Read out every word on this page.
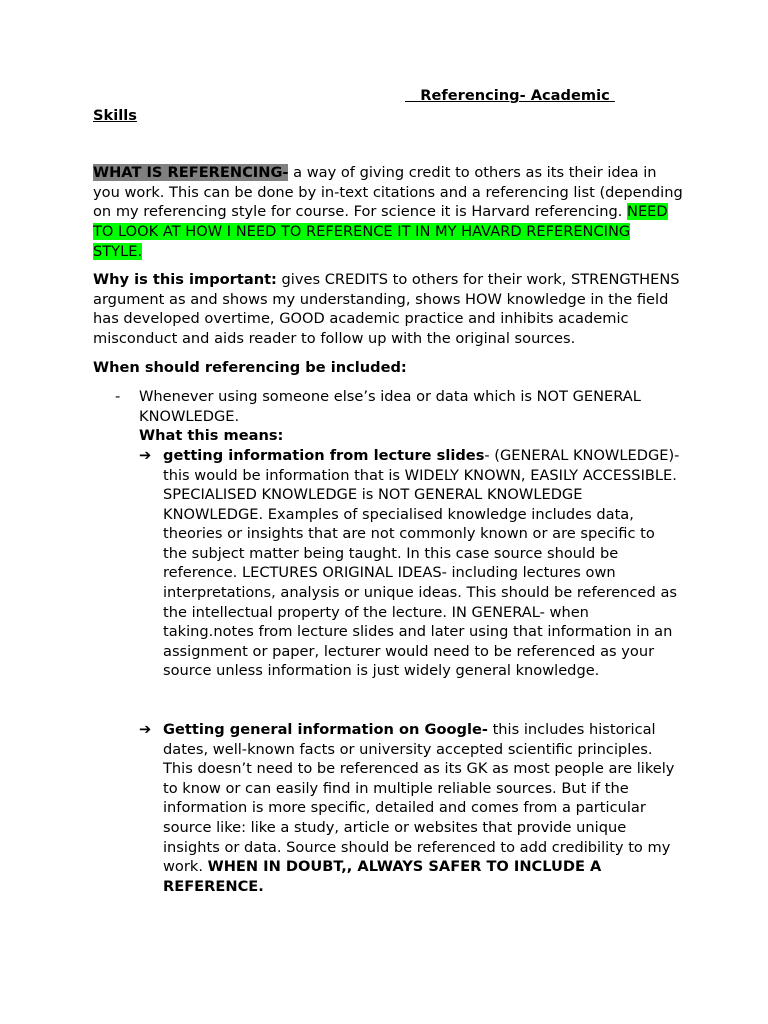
Referencing- Academic
Skills

WHAT IS REFERENCING- a way of giving credit to others as its their idea in you work. This can be done by in-text citations and a referencing list (depending on my referencing style for course. For science it is Harvard referencing. NEED TO LOOK AT HOW I NEED TO REFERENCE IT IN MY HAVARD REFERENCING STYLE.

Why is this important: gives CREDITS to others for their work, STRENGTHENS argument as and shows my understanding, shows HOW knowledge in the field has developed overtime, GOOD academic practice and inhibits academic misconduct and aids reader to follow up with the original sources.

When should referencing be included:

- Whenever using someone else’s idea or data which is NOT GENERAL KNOWLEDGE.
What this means:
➔ getting information from lecture slides- (GENERAL KNOWLEDGE)- this would be information that is WIDELY KNOWN, EASILY ACCESSIBLE. SPECIALISED KNOWLEDGE is NOT GENERAL KNOWLEDGE KNOWLEDGE. Examples of specialised knowledge includes data, theories or insights that are not commonly known or are specific to the subject matter being taught. In this case source should be reference. LECTURES ORIGINAL IDEAS- including lectures own interpretations, analysis or unique ideas. This should be referenced as the intellectual property of the lecture. IN GENERAL- when taking.notes from lecture slides and later using that information in an assignment or paper, lecturer would need to be referenced as your source unless information is just widely general knowledge.
➔ Getting general information on Google- this includes historical dates, well-known facts or university accepted scientific principles. This doesn’t need to be referenced as its GK as most people are likely to know or can easily find in multiple reliable sources. But if the information is more specific, detailed and comes from a particular source like: like a study, article or websites that provide unique insights or data. Source should be referenced to add credibility to my work. WHEN IN DOUBT,, ALWAYS SAFER TO INCLUDE A REFERENCE.
